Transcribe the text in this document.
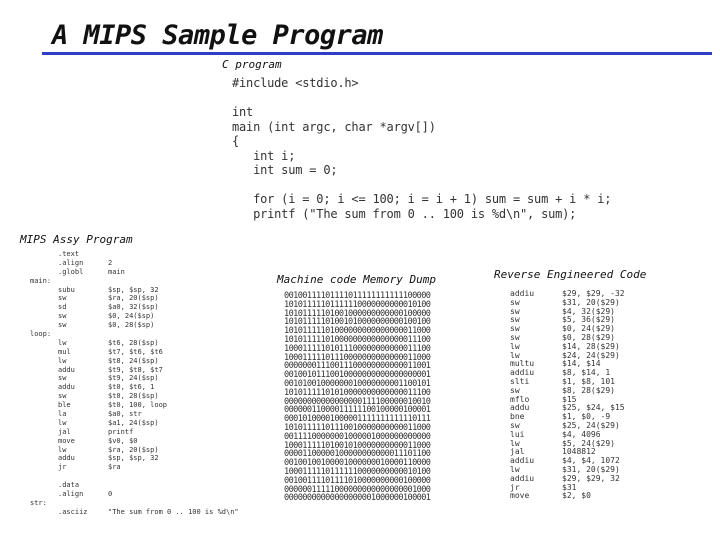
A MIPS Sample Program
C program
#include <stdio.h>
int
main (int argc, char *argv[])
{
int i;
int sum = 0;
for (i = 0; i <= 100; i = i + 1) sum = sum + i * i;
printf ("The sum from 0 .. 100 is %d\n", sum);
MIPS Assy Program
.text
.align	2
.globl	main
main:
subu	$sp, $sp, 32
sw	$ra, 20($sp)
sd	$a0, 32($sp)
sw	$0, 24($sp)
sw	$0, 28($sp)
loop:
lw	$t6, 28($sp)
mul	$t7, $t6, $t6
lw	$t8, 24($sp)
addu	$t9, $t8, $t7
sw	$t9, 24($sp)
addu	$t0, $t6, 1
sw	$t0, 28($sp)
ble	$t0, 100, loop
la	$a0, str
lw	$a1, 24($sp)
jal	printf
move	$v0, $0
lw	$ra, 20($sp)
addu	$sp, $sp, 32
jr	$ra
.data
.align	0
str:
.asciiz	"The sum from 0 .. 100 is %d\n"
Machine code Memory Dump
00100111101111011111111111100000
10101111101111110000000000010100
10101111101001000000000000100000
10101111101001010000000000100100
10101111101000000000000000011000
10101111101000000000000000011100
10001111101011100000000000011100
10001111101110000000000000011000
00000001110011100000000000011001
00100101110010000000000000000001
00101001000000010000000001100101
10101111101010000000000000011100
00000000000000000111100000010010
00000011000011111100100000100001
00010100001000001111111111110111
10101111101110010000000000011000
00111100000001000001000000000000
10001111101001010000000000011000
00001100000100000000000011101100
00100100100001000000010000110000
10001111101111110000000000010100
00100111101111010000000000100000
00000011111000000000000000001000
00000000000000000001000000100001
Reverse Engineered Code
addiu	$29, $29, -32
sw	$31, 20($29)
sw	$4, 32($29)
sw	$5, 36($29)
sw	$0, 24($29)
sw	$0, 28($29)
lw	$14, 28($29)
lw	$24, 24($29)
multu	$14, $14
addiu	$8, $14, 1
slti	$1, $8, 101
sw	$8, 28($29)
mflo	$15
addu	$25, $24, $15
bne	$1, $0, -9
sw	$25, 24($29)
lui	$4, 4096
lw	$5, 24($29)
jal	1048812
addiu	$4, $4, 1072
lw	$31, 20($29)
addiu	$29, $29, 32
jr	$31
move	$2, $0
